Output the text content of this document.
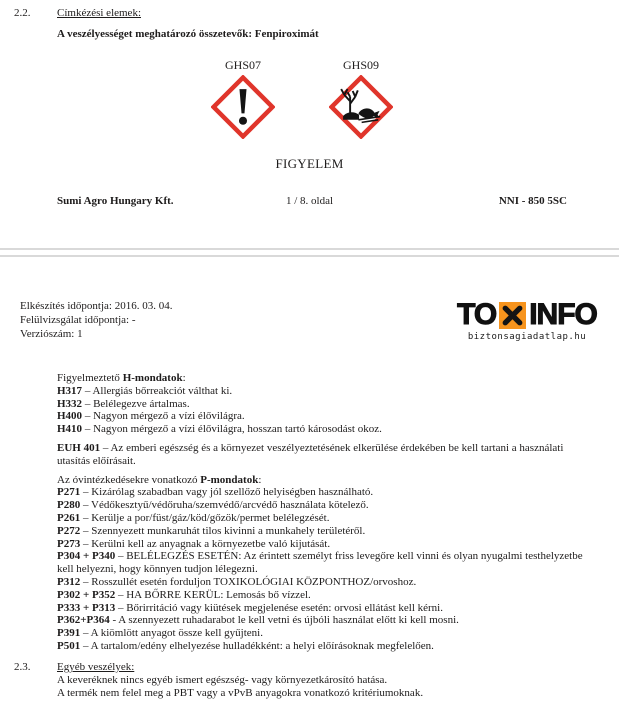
2.2. Címkézési elemek:
A veszélyességet meghatározó összetevők: Fenpiroximát
GHS07	GHS09
FIGYELEM
Sumi Agro Hungary Kft.	1 / 8. oldal	NNI - 850 5SC
Elkészítés időpontja: 2016. 03. 04.
Felülvizsgálat időpontja: -
Verziószám: 1
TO INFO
biztonsagiadatlap.hu
Figyelmeztető H-mondatok:
H317 – Allergiás bőrreakciót válthat ki.
H332 – Belélegezve ártalmas.
H400 – Nagyon mérgező a vízi élővilágra.
H410 – Nagyon mérgező a vízi élővilágra, hosszan tartó károsodást okoz.
EUH 401 – Az emberi egészség és a környezet veszélyeztetésének elkerülése érdekében be kell tartani a használati utasítás előírásait.
Az óvintézkedésekre vonatkozó P-mondatok:
P271 – Kizárólag szabadban vagy jól szellőző helyiségben használható.
P280 – Védőkesztyű/védőruha/szemvédő/arcvédő használata kötelező.
P261 – Kerülje a por/füst/gáz/köd/gőzök/permet belélegzését.
P272 – Szennyezett munkaruhát tilos kivinni a munkahely területéről.
P273 – Kerülni kell az anyagnak a környezetbe való kijutását.
P304 + P340 – BELÉLEGZÉS ESETÉN: Az érintett személyt friss levegőre kell vinni és olyan nyugalmi testhelyzetbe kell helyezni, hogy könnyen tudjon lélegezni.
P312 – Rosszullét esetén forduljon TOXIKOLÓGIAI KÖZPONTHOZ/orvoshoz.
P302 + P352 – HA BŐRRE KERÜL: Lemosás bő vízzel.
P333 + P313 – Bőrirritáció vagy kiütések megjelenése esetén: orvosi ellátást kell kérni.
P362+P364 - A szennyezett ruhadarabot le kell vetni és újbóli használat előtt ki kell mosni.
P391 – A kiömlött anyagot össze kell gyűjteni.
P501 – A tartalom/edény elhelyezése hulladékként: a helyi előírásoknak megfelelően.
2.3. Egyéb veszélyek:
A keveréknek nincs egyéb ismert egészség- vagy környezetkárosító hatása.
A termék nem felel meg a PBT vagy a vPvB anyagokra vonatkozó kritériumoknak.
